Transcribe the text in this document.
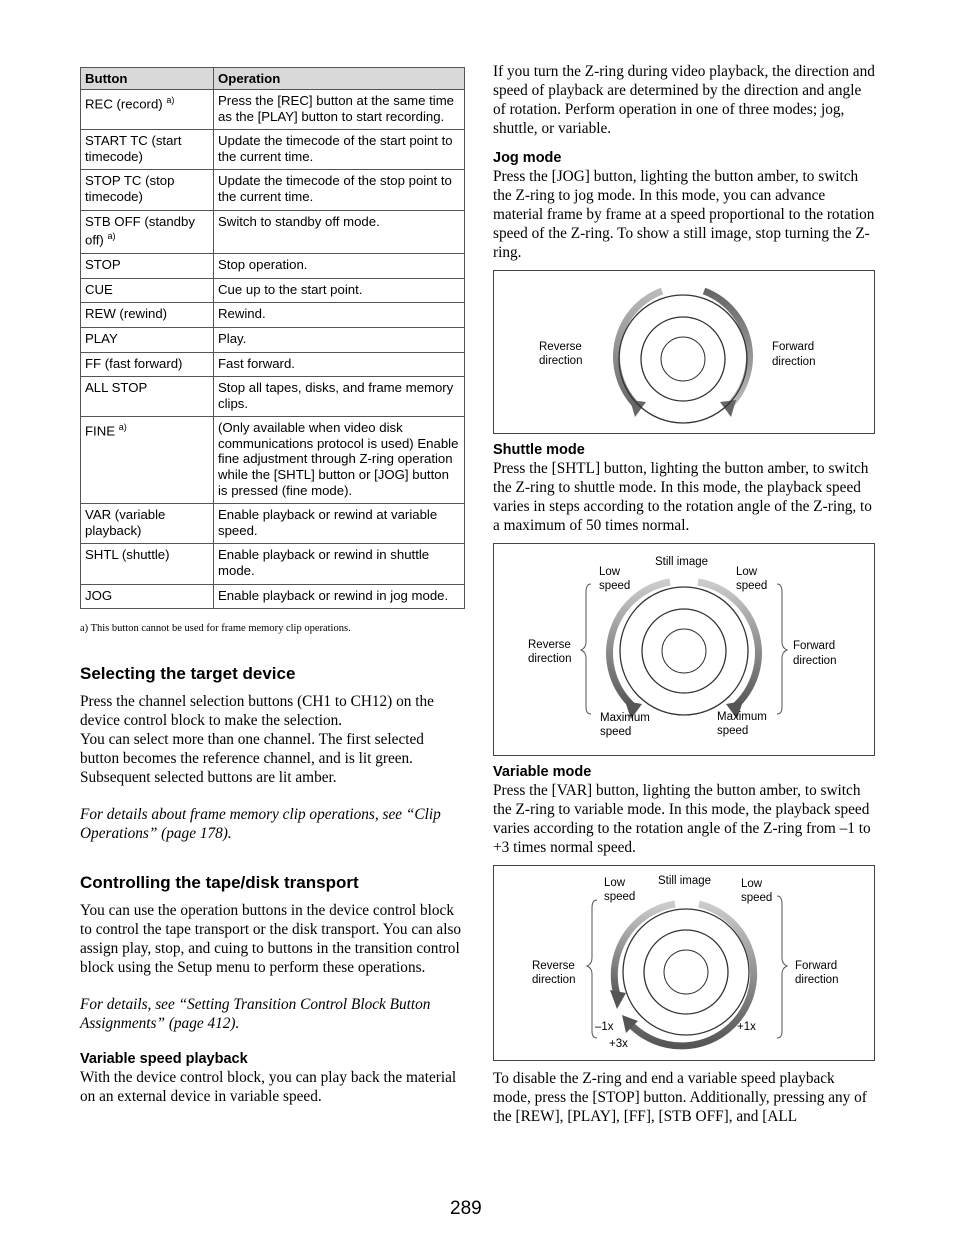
Button	Operation
REC (record) $^{a)}$	Press the [REC] button at the same time as the [PLAY] button to start recording.
START TC (start timecode)	Update the timecode of the start point to the current time.
STOP TC (stop timecode)	Update the timecode of the stop point to the current time.
STB OFF (standby off) $^{a)}$	Switch to standby off mode.
STOP	Stop operation.
CUE	Cue up to the start point.
REW (rewind)	Rewind.
PLAY	Play.
FF (fast forward)	Fast forward.
ALL STOP	Stop all tapes, disks, and frame memory clips.
FINE $^{a)}$	(Only available when video disk communications protocol is used) Enable fine adjustment through Z-ring operation while the [SHTL] button or [JOG] button is pressed (fine mode).
VAR (variable playback)	Enable playback or rewind at variable speed.
SHTL (shuttle)	Enable playback or rewind in shuttle mode.
JOG	Enable playback or rewind in jog mode.
a) This button cannot be used for frame memory clip operations.
Selecting the target device

Press the channel selection buttons (CH1 to CH12) on the device control block to make the selection.

You can select more than one channel. The first selected button becomes the reference channel, and is lit green. Subsequent selected buttons are lit amber.

For details about frame memory clip operations, see “Clip Operations” (page 178).

Controlling the tape/disk transport

You can use the operation buttons in the device control block to control the tape transport or the disk transport. You can also assign play, stop, and cuing to buttons in the transition control block using the Setup menu to perform these operations.

For details, see “Setting Transition Control Block Button Assignments” (page 412).

Variable speed playback

With the device control block, you can play back the material on an external device in variable speed.

If you turn the Z-ring during video playback, the direction and speed of playback are determined by the direction and angle of rotation. Perform operation in one of three modes; jog, shuttle, or variable.

Jog mode

Press the [JOG] button, lighting the button amber, to switch the Z-ring to jog mode. In this mode, you can advance material frame by frame at a speed proportional to the rotation speed of the Z-ring. To show a still image, stop turning the Z-ring.

Reverse
direction
Forward
direction
Shuttle mode

Press the [SHTL] button, lighting the button amber, to switch the Z-ring to shuttle mode. In this mode, the playback speed varies in steps according to the rotation angle of the Z-ring, to a maximum of 50 times normal.

Still image
Low
speed
Low
speed
Reverse
direction
Forward
direction
Maximum
speed
Maximum
speed
Variable mode

Press the [VAR] button, lighting the button amber, to switch the Z-ring to variable mode. In this mode, the playback speed varies according to the rotation angle of the Z-ring from –1 to +3 times normal speed.

Still image
Low
speed
Low
speed
Reverse
direction
Forward
direction
–1x
+3x
+1x

To disable the Z-ring and end a variable speed playback mode, press the [STOP] button. Additionally, pressing any of the [REW], [PLAY], [FF], [STB OFF], and [ALL

289
